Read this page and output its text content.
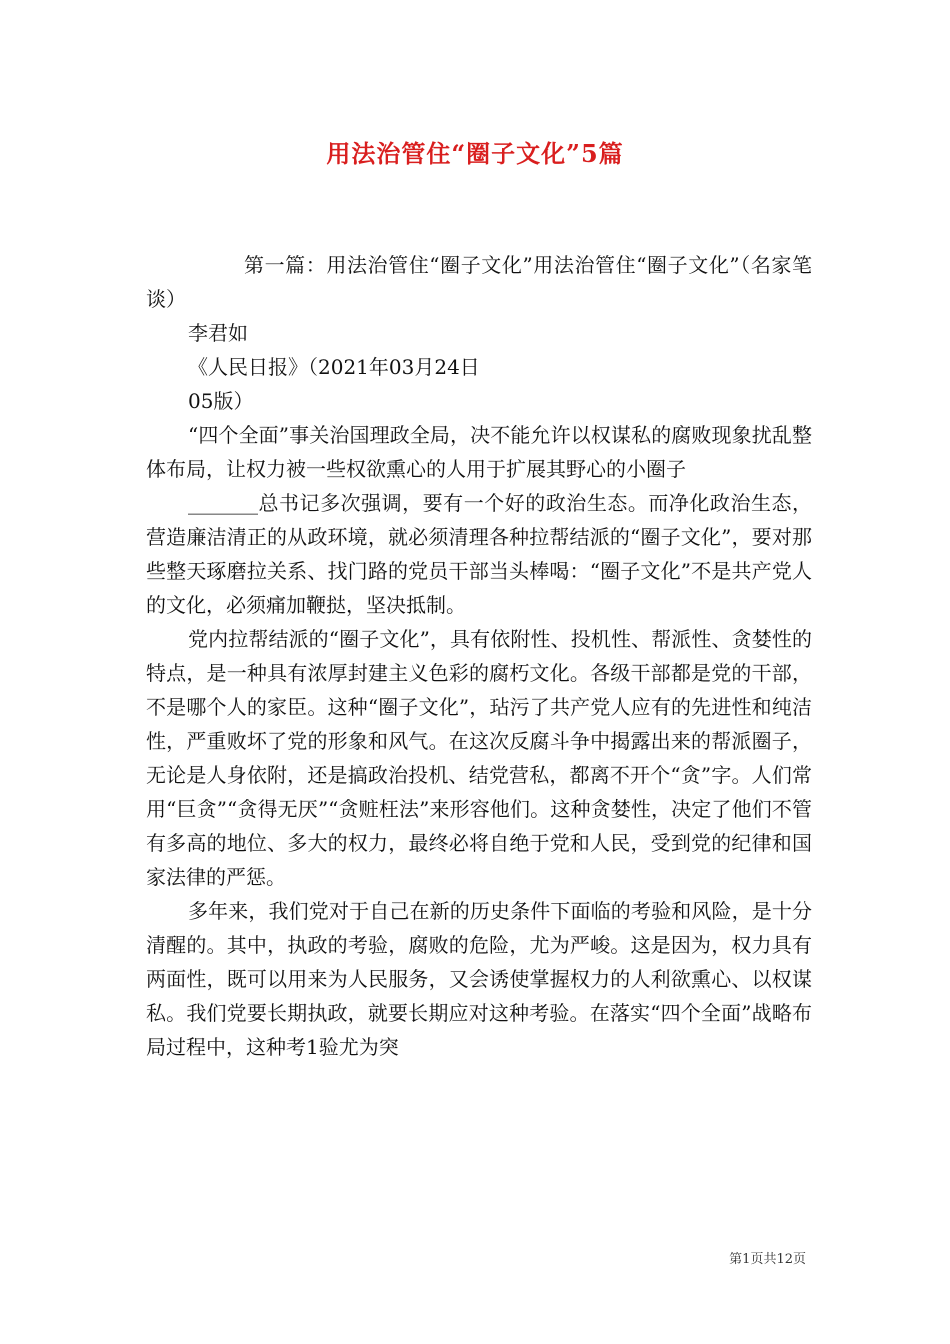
用法治管住“圈子文化”5篇

第一篇：用法治管住“圈子文化”用法治管住“圈子文化”（名家笔谈）

李君如

《人民日报》（2021年03月24日

05版）

“四个全面”事关治国理政全局，决不能允许以权谋私的腐败现象扰乱整体布局，让权力被一些权欲熏心的人用于扩展其野心的小圈子

_______总书记多次强调，要有一个好的政治生态。而净化政治生态，营造廉洁清正的从政环境，就必须清理各种拉帮结派的“圈子文化”，要对那些整天琢磨拉关系、找门路的党员干部当头棒喝：“圈子文化”不是共产党人的文化，必须痛加鞭挞，坚决抵制。

党内拉帮结派的“圈子文化”，具有依附性、投机性、帮派性、贪婪性的特点，是一种具有浓厚封建主义色彩的腐朽文化。各级干部都是党的干部，不是哪个人的家臣。这种“圈子文化”，玷污了共产党人应有的先进性和纯洁性，严重败坏了党的形象和风气。在这次反腐斗争中揭露出来的帮派圈子，无论是人身依附，还是搞政治投机、结党营私，都离不开个“贪”字。人们常用“巨贪”“贪得无厌”“贪赃枉法”来形容他们。这种贪婪性，决定了他们不管有多高的地位、多大的权力，最终必将自绝于党和人民，受到党的纪律和国家法律的严惩。

多年来，我们党对于自己在新的历史条件下面临的考验和风险，是十分清醒的。其中，执政的考验，腐败的危险，尤为严峻。这是因为，权力具有两面性，既可以用来为人民服务，又会诱使掌握权力的人利欲熏心、以权谋私。我们党要长期执政，就要长期应对这种考验。在落实“四个全面”战略布局过程中，这种考1验尤为突

第1页共12页
